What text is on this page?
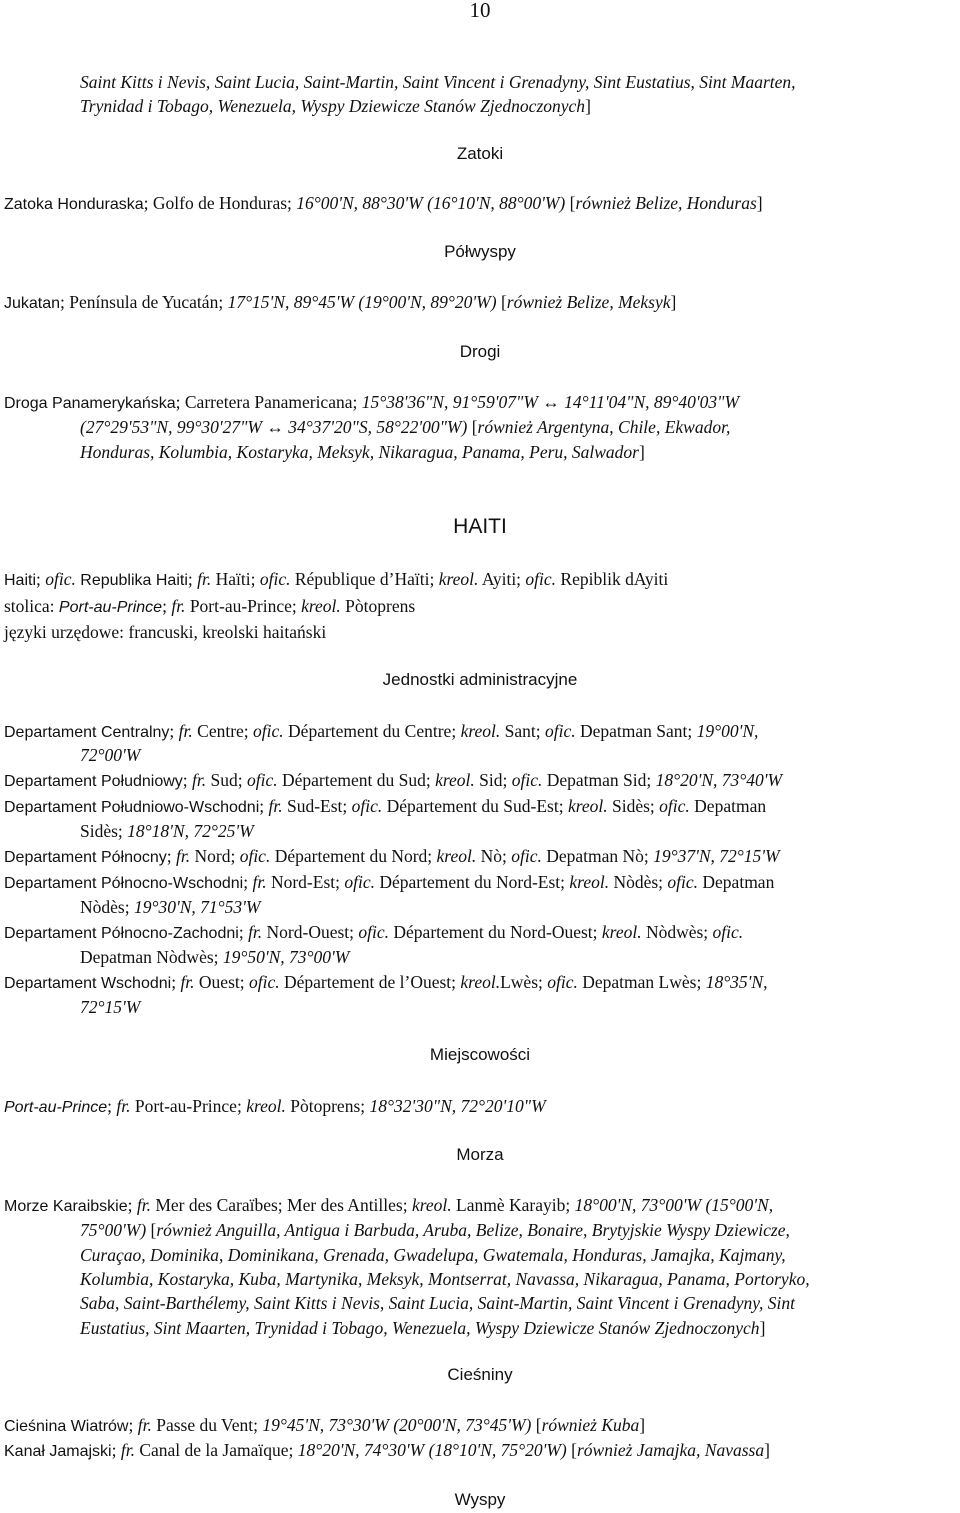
10
Saint Kitts i Nevis, Saint Lucia, Saint-Martin, Saint Vincent i Grenadyny, Sint Eustatius, Sint Maarten,
Trynidad i Tobago, Wenezuela, Wyspy Dziewicze Stanów Zjednoczonych]
Zatoki
Zatoka Honduraska; Golfo de Honduras; 16°00'N, 88°30'W (16°10'N, 88°00'W) [również Belize, Honduras]
Półwyspy
Jukatan; Península de Yucatán; 17°15'N, 89°45'W (19°00'N, 89°20'W) [również Belize, Meksyk]
Drogi
Droga Panamerykańska; Carretera Panamericana; 15°38'36"N, 91°59'07"W ↔ 14°11'04"N, 89°40'03"W
(27°29'53"N, 99°30'27"W ↔ 34°37'20"S, 58°22'00"W) [również Argentyna, Chile, Ekwador,
Honduras, Kolumbia, Kostaryka, Meksyk, Nikaragua, Panama, Peru, Salwador]
HAITI
Haiti; ofic. Republika Haiti; fr. Haïti; ofic. République d’Haïti; kreol. Ayiti; ofic. Repiblik dAyiti
stolica: Port-au-Prince; fr. Port-au-Prince; kreol. Pòtoprens
języki urzędowe: francuski, kreolski haitański
Jednostki administracyjne
Departament Centralny; fr. Centre; ofic. Département du Centre; kreol. Sant; ofic. Depatman Sant; 19°00'N,
72°00'W
Departament Południowy; fr. Sud; ofic. Département du Sud; kreol. Sid; ofic. Depatman Sid; 18°20'N, 73°40'W
Departament Południowo-Wschodni; fr. Sud-Est; ofic. Département du Sud-Est; kreol. Sidès; ofic. Depatman
Sidès; 18°18'N, 72°25'W
Departament Północny; fr. Nord; ofic. Département du Nord; kreol. Nò; ofic. Depatman Nò; 19°37'N, 72°15'W
Departament Północno-Wschodni; fr. Nord-Est; ofic. Département du Nord-Est; kreol. Nòdès; ofic. Depatman
Nòdès; 19°30'N, 71°53'W
Departament Północno-Zachodni; fr. Nord-Ouest; ofic. Département du Nord-Ouest; kreol. Nòdwès; ofic.
Depatman Nòdwès; 19°50'N, 73°00'W
Departament Wschodni; fr. Ouest; ofic. Département de l’Ouest; kreol.Lwès; ofic. Depatman Lwès; 18°35'N,
72°15'W
Miejscowości
Port-au-Prince; fr. Port-au-Prince; kreol. Pòtoprens; 18°32'30"N, 72°20'10"W
Morza
Morze Karaibskie; fr. Mer des Caraïbes; Mer des Antilles; kreol. Lanmè Karayib; 18°00'N, 73°00'W (15°00'N,
75°00'W) [również Anguilla, Antigua i Barbuda, Aruba, Belize, Bonaire, Brytyjskie Wyspy Dziewicze,
Curaçao, Dominika, Dominikana, Grenada, Gwadelupa, Gwatemala, Honduras, Jamajka, Kajmany,
Kolumbia, Kostaryka, Kuba, Martynika, Meksyk, Montserrat, Navassa, Nikaragua, Panama, Portoryko,
Saba, Saint-Barthélemy, Saint Kitts i Nevis, Saint Lucia, Saint-Martin, Saint Vincent i Grenadyny, Sint
Eustatius, Sint Maarten, Trynidad i Tobago, Wenezuela, Wyspy Dziewicze Stanów Zjednoczonych]
Cieśniny
Cieśnina Wiatrów; fr. Passe du Vent; 19°45'N, 73°30'W (20°00'N, 73°45'W) [również Kuba]
Kanał Jamajski; fr. Canal de la Jamaïque; 18°20'N, 74°30'W (18°10'N, 75°20'W) [również Jamajka, Navassa]
Wyspy
